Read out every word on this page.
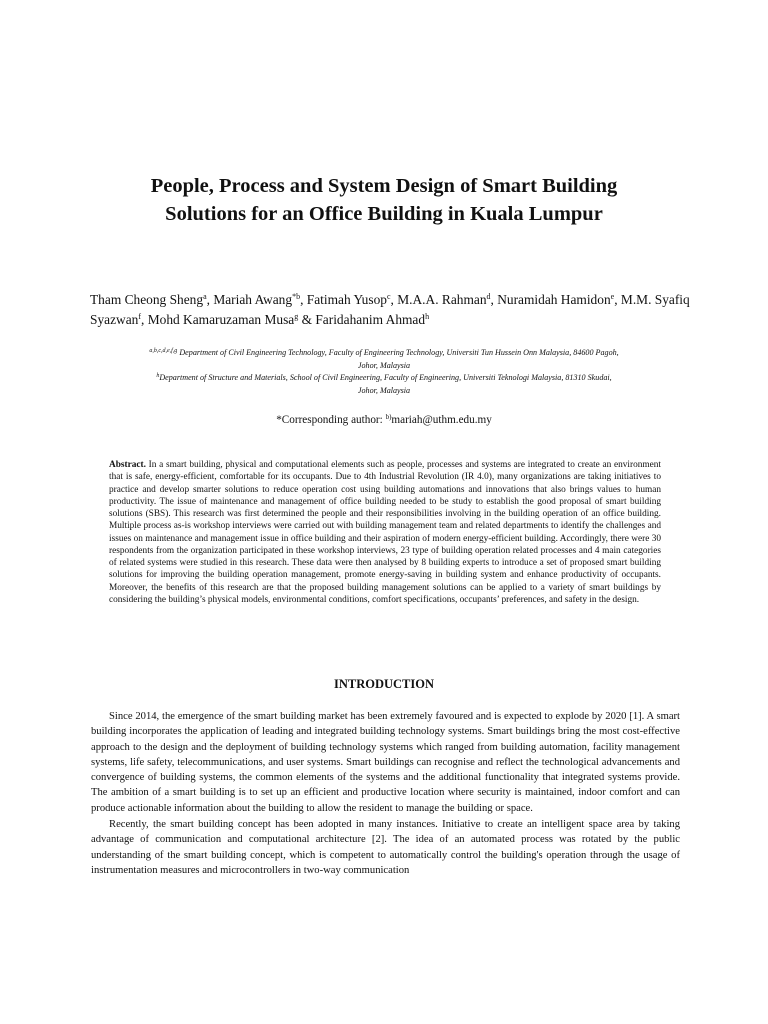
People, Process and System Design of Smart Building
Solutions for an Office Building in Kuala Lumpur
Tham Cheong Sheng$^a$, Mariah Awang$^{*b}$, Fatimah Yusop$^c$, M.A.A. Rahman$^d$, Nuramidah Hamidon$^e$, M.M. Syafiq Syazwan$^f$, Mohd Kamaruzaman Musa$^g$ & Faridahanim Ahmad$^h$
$^{a,b,c,d,e,f,g}$ Department of Civil Engineering Technology, Faculty of Engineering Technology, Universiti Tun Hussein Onn Malaysia, 84600 Pagoh,
Johor, Malaysia
$^h$Department of Structure and Materials, School of Civil Engineering, Faculty of Engineering, Universiti Teknologi Malaysia, 81310 Skudai,
Johor, Malaysia
*Corresponding author: $^{b)}$mariah@uthm.edu.my
Abstract. In a smart building, physical and computational elements such as people, processes and systems are integrated to create an environment that is safe, energy-efficient, comfortable for its occupants. Due to 4th Industrial Revolution (IR 4.0), many organizations are taking initiatives to practice and develop smarter solutions to reduce operation cost using building automations and innovations that also brings values to human productivity. The issue of maintenance and management of office building needed to be study to establish the good proposal of smart building solutions (SBS). This research was first determined the people and their responsibilities involving in the building operation of an office building. Multiple process as-is workshop interviews were carried out with building management team and related departments to identify the challenges and issues on maintenance and management issue in office building and their aspiration of modern energy-efficient building. Accordingly, there were 30 respondents from the organization participated in these workshop interviews, 23 type of building operation related processes and 4 main categories of related systems were studied in this research. These data were then analysed by 8 building experts to introduce a set of proposed smart building solutions for improving the building operation management, promote energy-saving in building system and enhance productivity of occupants. Moreover, the benefits of this research are that the proposed building management solutions can be applied to a variety of smart buildings by considering the building’s physical models, environmental conditions, comfort specifications, occupants’ preferences, and safety in the design.
INTRODUCTION

Since 2014, the emergence of the smart building market has been extremely favoured and is expected to explode by 2020 [1]. A smart building incorporates the application of leading and integrated building technology systems. Smart buildings bring the most cost-effective approach to the design and the deployment of building technology systems which ranged from building automation, facility management systems, life safety, telecommunications, and user systems. Smart buildings can recognise and reflect the technological advancements and convergence of building systems, the common elements of the systems and the additional functionality that integrated systems provide. The ambition of a smart building is to set up an efficient and productive location where security is maintained, indoor comfort and can produce actionable information about the building to allow the resident to manage the building or space.

Recently, the smart building concept has been adopted in many instances. Initiative to create an intelligent space area by taking advantage of communication and computational architecture [2]. The idea of an automated process was rotated by the public understanding of the smart building concept, which is competent to automatically control the building's operation through the usage of instrumentation measures and microcontrollers in two-way communication
